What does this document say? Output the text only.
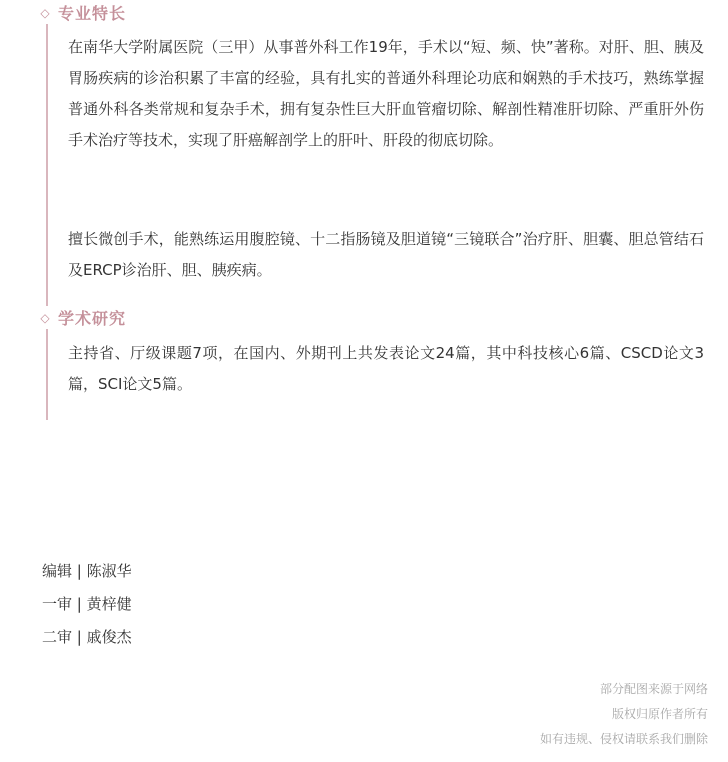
◇ 专业特长

在南华大学附属医院（三甲）从事普外科工作19年，手术以“短、频、快”著称。对肝、胆、胰及胃肠疾病的诊治积累了丰富的经验，具有扎实的普通外科理论功底和娴熟的手术技巧，熟练掌握普通外科各类常规和复杂手术，拥有复杂性巨大肝血管瘤切除、解剖性精准肝切除、严重肝外伤手术治疗等技术，实现了肝癌解剖学上的肝叶、肝段的彻底切除。

擅长微创手术，能熟练运用腹腔镜、十二指肠镜及胆道镜“三镜联合”治疗肝、胆囊、胆总管结石及ERCP诊治肝、胆、胰疾病。

◇ 学术研究

主持省、厅级课题7项，在国内、外期刊上共发表论文24篇，其中科技核心6篇、CSCD论文3篇，SCI论文5篇。

编辑 | 陈淑华
一审 | 黄梓健
二审 | 戚俊杰
部分配图来源于网络
版权归原作者所有
如有违规、侵权请联系我们删除
